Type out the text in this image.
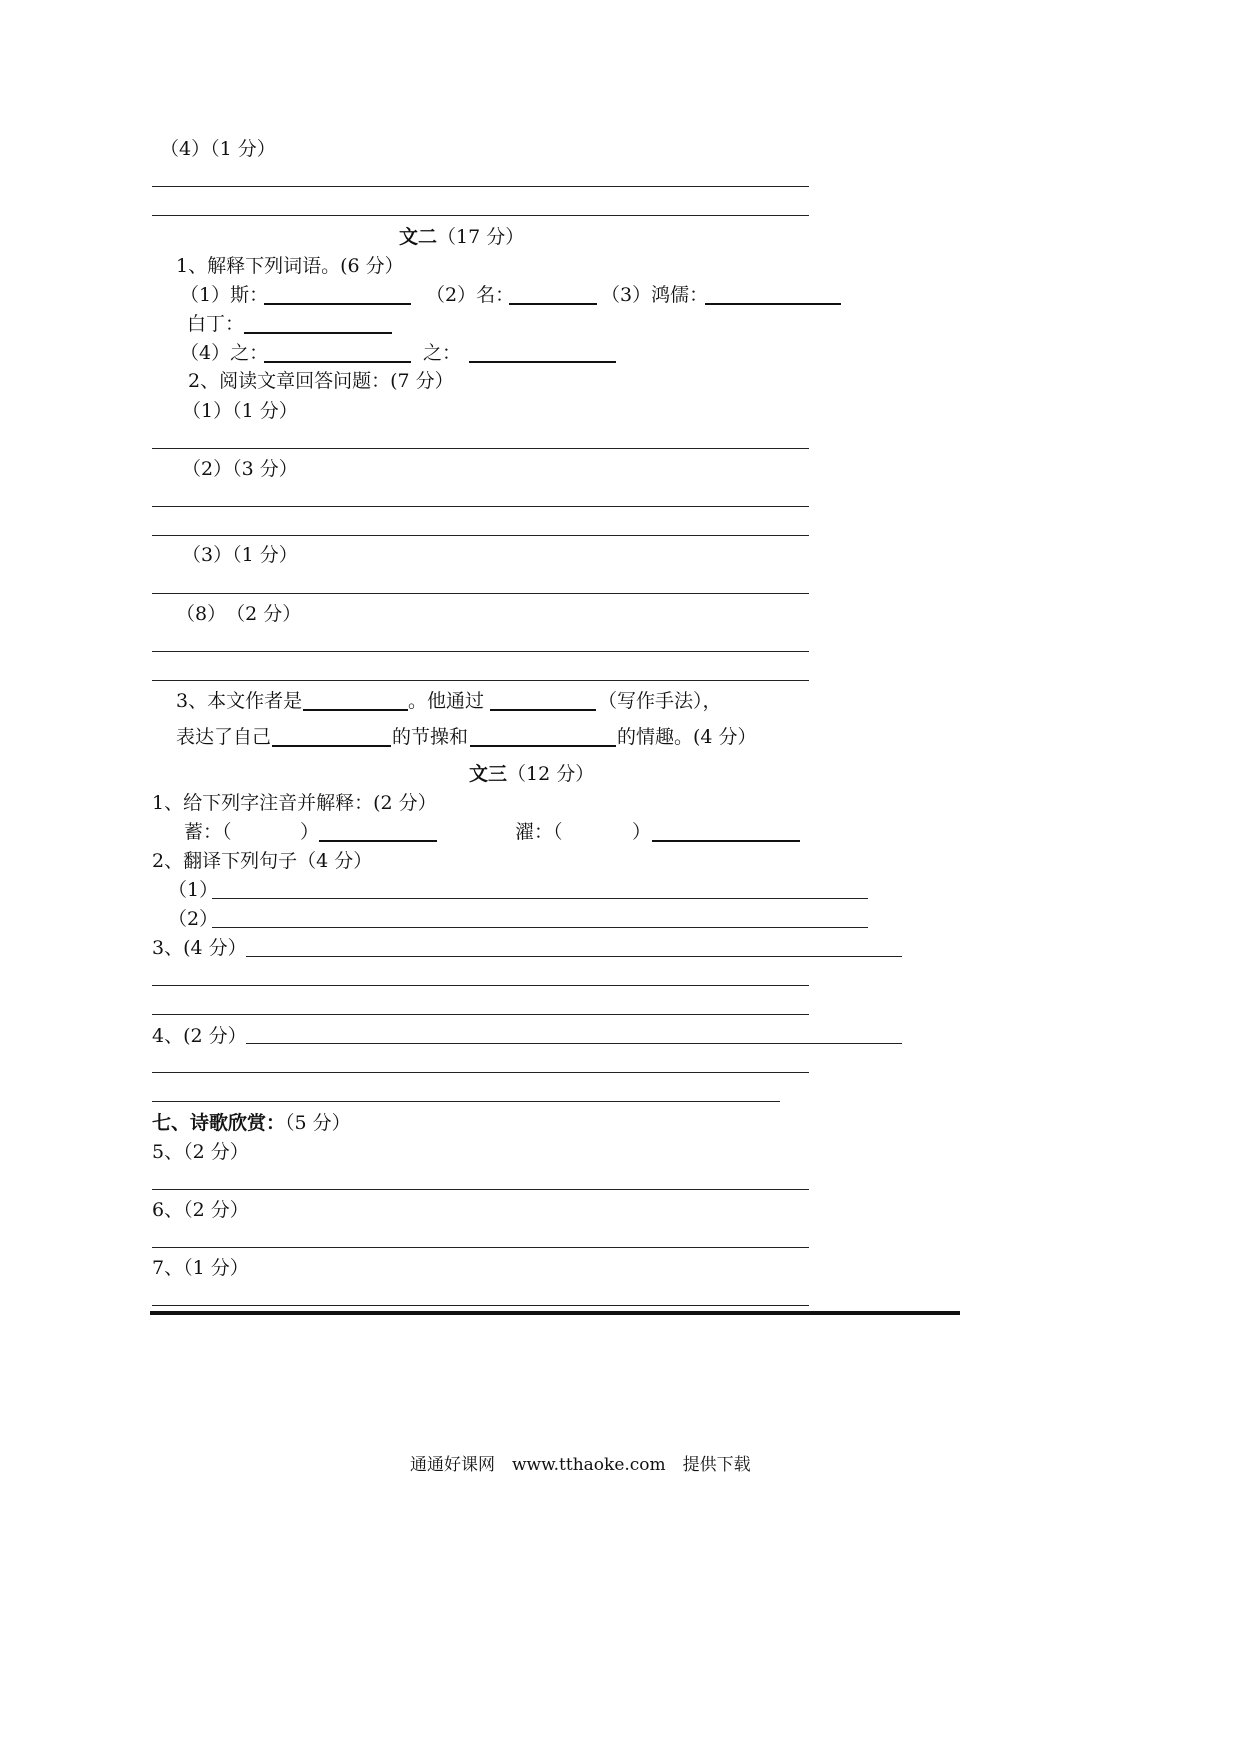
（4）（1 分）
文二（17 分）
1、解释下列词语。(6 分）
（1）斯：	（2）名：	（3）鸿儒：
白丁：
（4）之：	之：
2、阅读文章回答问题：(7 分）
（1）（1 分）
（2）（3 分）
（3）（1 分）
（8）　（2 分）
3、本文作者是	。他通过	（写作手法），
表达了自己	的节操和	的情趣。(4 分）
文三（12 分）
1、给下列字注音并解释：(2 分）
蓄：（	）	濯：（	）
2、翻译下列句子（4 分）
（1）
（2）
3、(4 分）
4、(2 分）
七、诗歌欣赏：（5 分）
5、（2 分）
6、（2 分）
7、（1 分）
通通好课网　www.tthaoke.com　提供下载
